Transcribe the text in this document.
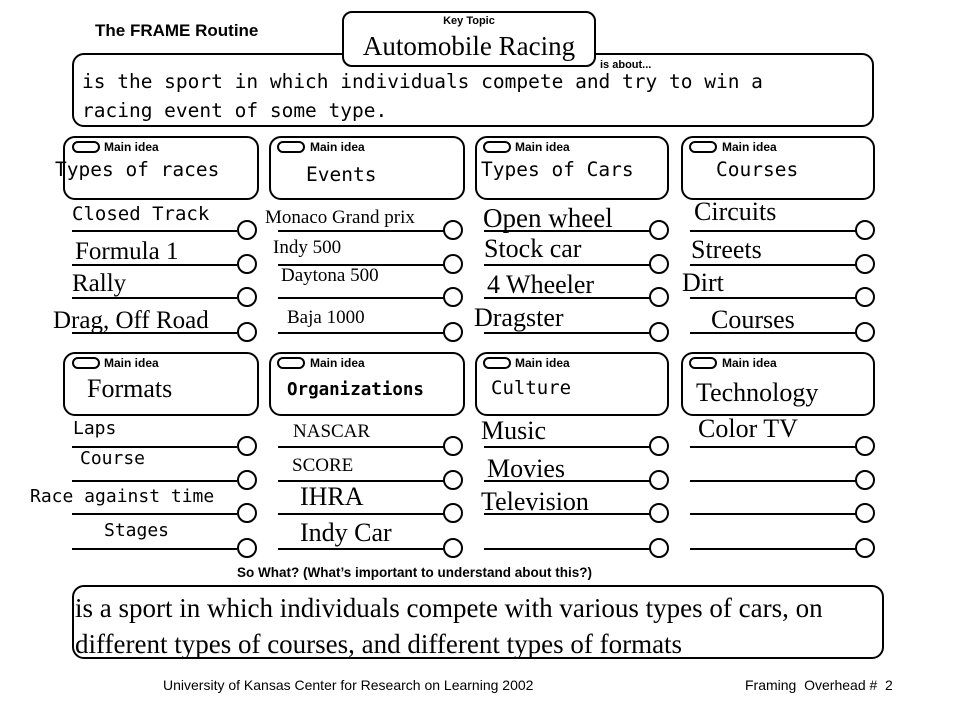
The FRAME Routine
is the sport in which individuals compete and try to win a racing event of some type.
Key Topic
Automobile Racing
is about...
Main idea
Types of races
Main idea
Events
Main idea
Types of Cars
Main idea
Courses
Closed Track
Formula 1
Rally
Drag, Off Road
Monaco Grand prix
Indy 500
Daytona 500
Baja 1000
Open wheel
Stock car
4 Wheeler
Dragster
Circuits
Streets
Dirt
Courses
Main idea
Formats
Main idea
Organizations
Main idea
Culture
Main idea
Technology
Laps
Course
Race against time
Stages
NASCAR
SCORE
IHRA
Indy Car
Music
Movies
Television
Color TV
So What? (What’s important to understand about this?)
is a sport in which individuals compete with various types of cars, on different types of courses, and different types of formats
University of Kansas Center for Research on Learning 2002	Framing  Overhead #  2
